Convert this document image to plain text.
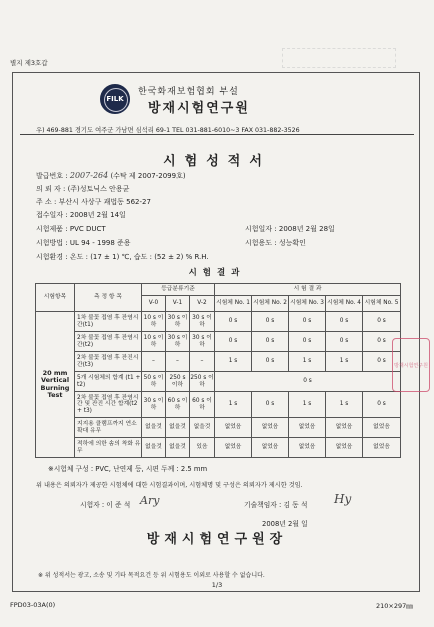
별지 제3호갑
FILK
한국화재보험협회 부설
방재시험연구원
우) 469-881 경기도 여주군 가남면 심석리 69-1 TEL 031-881-6010~3 FAX 031-882-3526
시험성적서
발급번호 : 2007-264 (수탁 제 2007-2099호)
의 뢰 자 : (주)성토닉스 안용균
주 소 : 부산시 사상구 괘법동 562-27
접수일자 : 2008년 2월 14일
시험제품 : PVC DUCT	시험일자 : 2008년 2월 28일
시험방법 : UL 94 - 1998 준용	시험용도 : 성능확인
시험환경 : 온도 : (17 ± 1) ℃, 습도 : (52 ± 2) % R.H.
시험결과
시험항목	측 정 항 목	등급분류기준			시 험 결 과				
		V-0	V-1	V-2	시험체 No. 1	시험체 No. 2	시험체 No. 3	시험체 No. 4	시험체 No. 5
20 mm Vertical Burning Test	1차 불꽃 접염 후 잔염시간(t1)	10 s 이하	30 s 이하	30 s 이하	0 s	0 s	0 s	0 s	0 s
	2차 불꽃 접염 후 잔염시간(t2)	10 s 이하	30 s 이하	30 s 이하	0 s	0 s	0 s	0 s	0 s
	2차 불꽃 접염 후 잔진시간(t3)	–	–	–	1 s	0 s	1 s	1 s	0 s
	5개 시험체의 합계 (t1 + t2)	50 s 이하	250 s 이하	250 s 이하	0 s				
	2차 불꽃 접염 후 잔염시간 및 잔진 시간 합계(t2 + t3)	30 s 이하	60 s 이하	60 s 이하	1 s	0 s	1 s	1 s	0 s
	지지용 클램프까지 연소확대 유무	없을것	없을것	없을것	없었음	없었음	없었음	없었음	없었음
	적하에 의한 솜의 착화 유무	없을것	없을것	있음	없었음	없었음	없었음	없었음	없었음
방재시험연구원
※시험체 구성 : PVC, 난연제 등, 시편 두께 : 2.5 mm
위 내용은 의뢰자가 제공한 시험체에 대한 시험결과이며, 시험체명 및 구성은 의뢰자가 제시한 것임.
시험자 : 이 준 석 Ary	기술책임자 : 김 동 석 Hy
2008년 2월 일
방재시험연구원장
※ 위 성적서는 광고, 소송 및 기타 목적요건 등 위 시험용도 이외로 사용할 수 없습니다.
1/3
FPD03-03A(0)	210×297㎜
